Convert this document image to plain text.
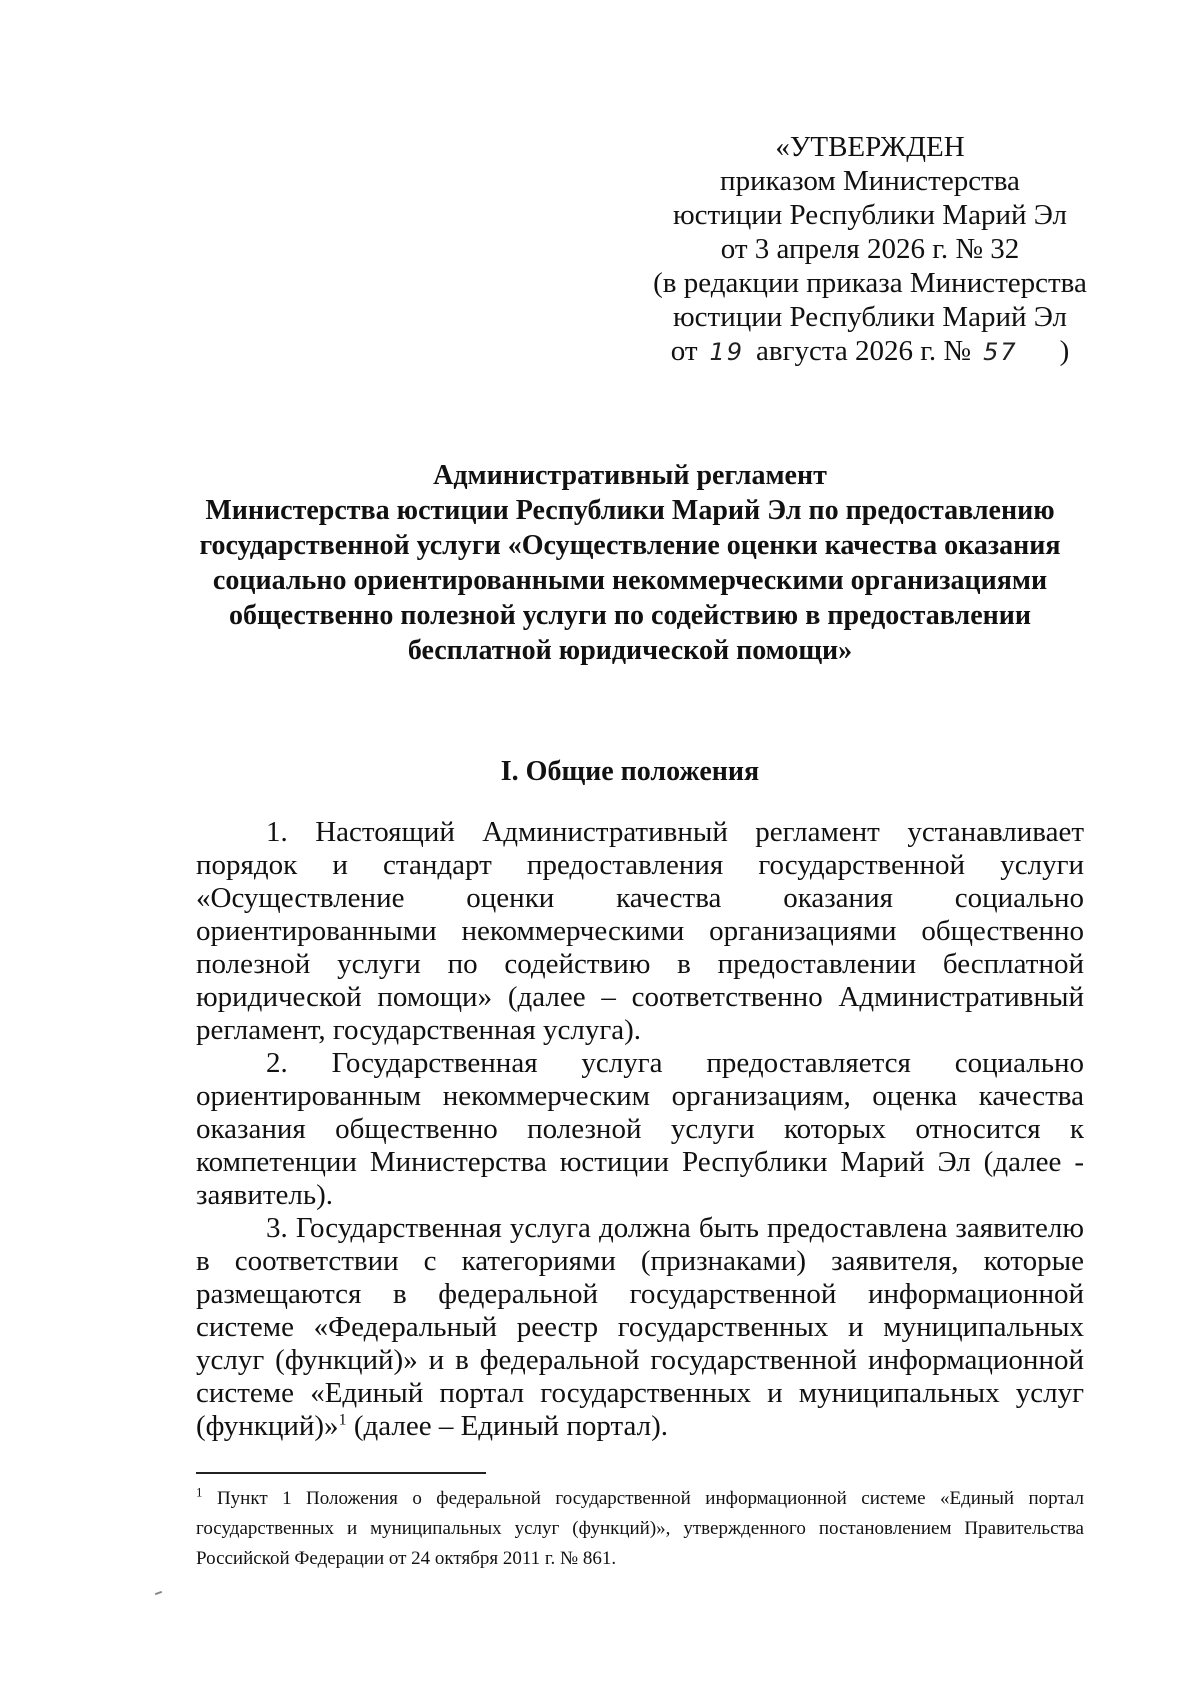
«УТВЕРЖДЕН
приказом Министерства
юстиции Республики Марий Эл
от 3 апреля 2026 г. № 32
(в редакции приказа Министерства
юстиции Республики Марий Эл
от 19 августа 2026 г. № 57 )
Административный регламент
Министерства юстиции Республики Марий Эл по предоставлению
государственной услуги «Осуществление оценки качества оказания
социально ориентированными некоммерческими организациями
общественно полезной услуги по содействию в предоставлении
бесплатной юридической помощи»
I. Общие положения

1. Настоящий Административный регламент устанавливает порядок и стандарт предоставления государственной услуги «Осуществление оценки качества оказания социально ориентированными некоммерческими организациями общественно полезной услуги по содействию в предоставлении бесплатной юридической помощи» (далее – соответственно Административный регламент, государственная услуга).

2. Государственная услуга предоставляется социально ориентированным некоммерческим организациям, оценка качества оказания общественно полезной услуги которых относится к компетенции Министерства юстиции Республики Марий Эл (далее - заявитель).

3. Государственная услуга должна быть предоставлена заявителю в соответствии с категориями (признаками) заявителя, которые размещаются в федеральной государственной информационной системе «Федеральный реестр государственных и муниципальных услуг (функций)» и в федеральной государственной информационной системе «Единый портал государственных и муниципальных услуг (функций)»$^1$ (далее – Единый портал).

$^1$ Пункт 1 Положения о федеральной государственной информационной системе «Единый портал государственных и муниципальных услуг (функций)», утвержденного постановлением Правительства Российской Федерации от 24 октября 2011 г. № 861.
